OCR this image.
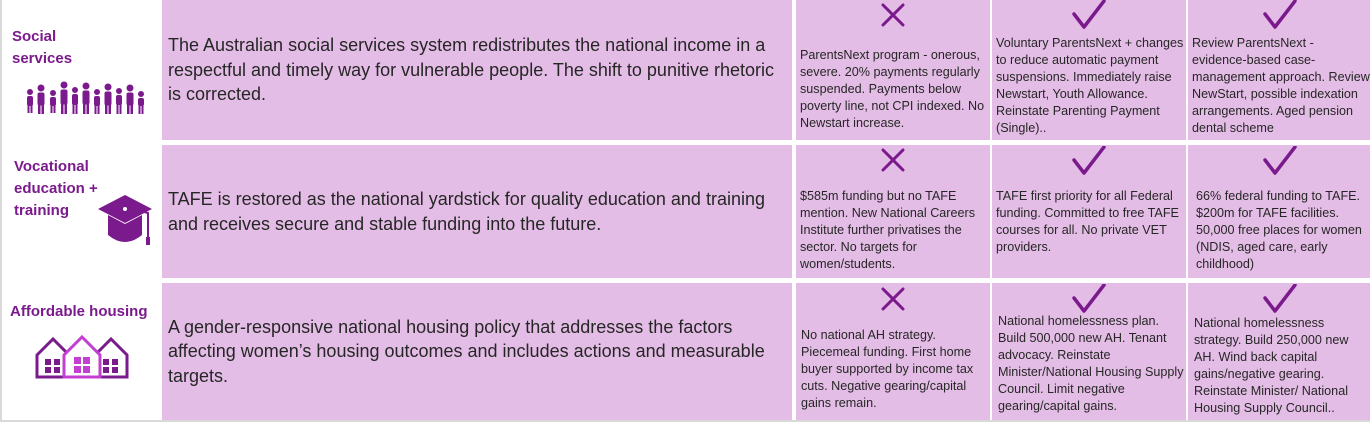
Social
services
The Australian social services system redistributes the national income in a respectful and timely way for vulnerable people. The shift to punitive rhetoric is corrected.
ParentsNext program - onerous, severe. 20% payments regularly suspended. Payments below poverty line, not CPI indexed. No Newstart increase.
Voluntary ParentsNext + changes to reduce automatic payment suspensions. Immediately raise Newstart, Youth Allowance. Reinstate Parenting Payment (Single)..
Review ParentsNext - evidence-based case-management approach. Review NewStart, possible indexation arrangements. Aged pension dental scheme
Vocational
education +
training
TAFE is restored as the national yardstick for quality education and training and receives secure and stable funding into the future.
$585m funding but no TAFE mention. New National Careers Institute further privatises the sector. No targets for women/students.
TAFE first priority for all Federal funding. Committed to free TAFE courses for all. No private VET providers.
66% federal funding to TAFE. $200m for TAFE facilities. 50,000 free places for women (NDIS, aged care, early childhood)
Affordable housing
A gender-responsive national housing policy that addresses the factors affecting women’s housing outcomes and includes actions and measurable targets.
No national AH strategy. Piecemeal funding. First home buyer supported by income tax cuts. Negative gearing/capital gains remain.
National homelessness plan. Build 500,000 new AH. Tenant advocacy. Reinstate Minister/National Housing Supply Council. Limit negative gearing/capital gains.
National homelessness strategy. Build 250,000 new AH. Wind back capital gains/negative gearing. Reinstate Minister/ National Housing Supply Council..
